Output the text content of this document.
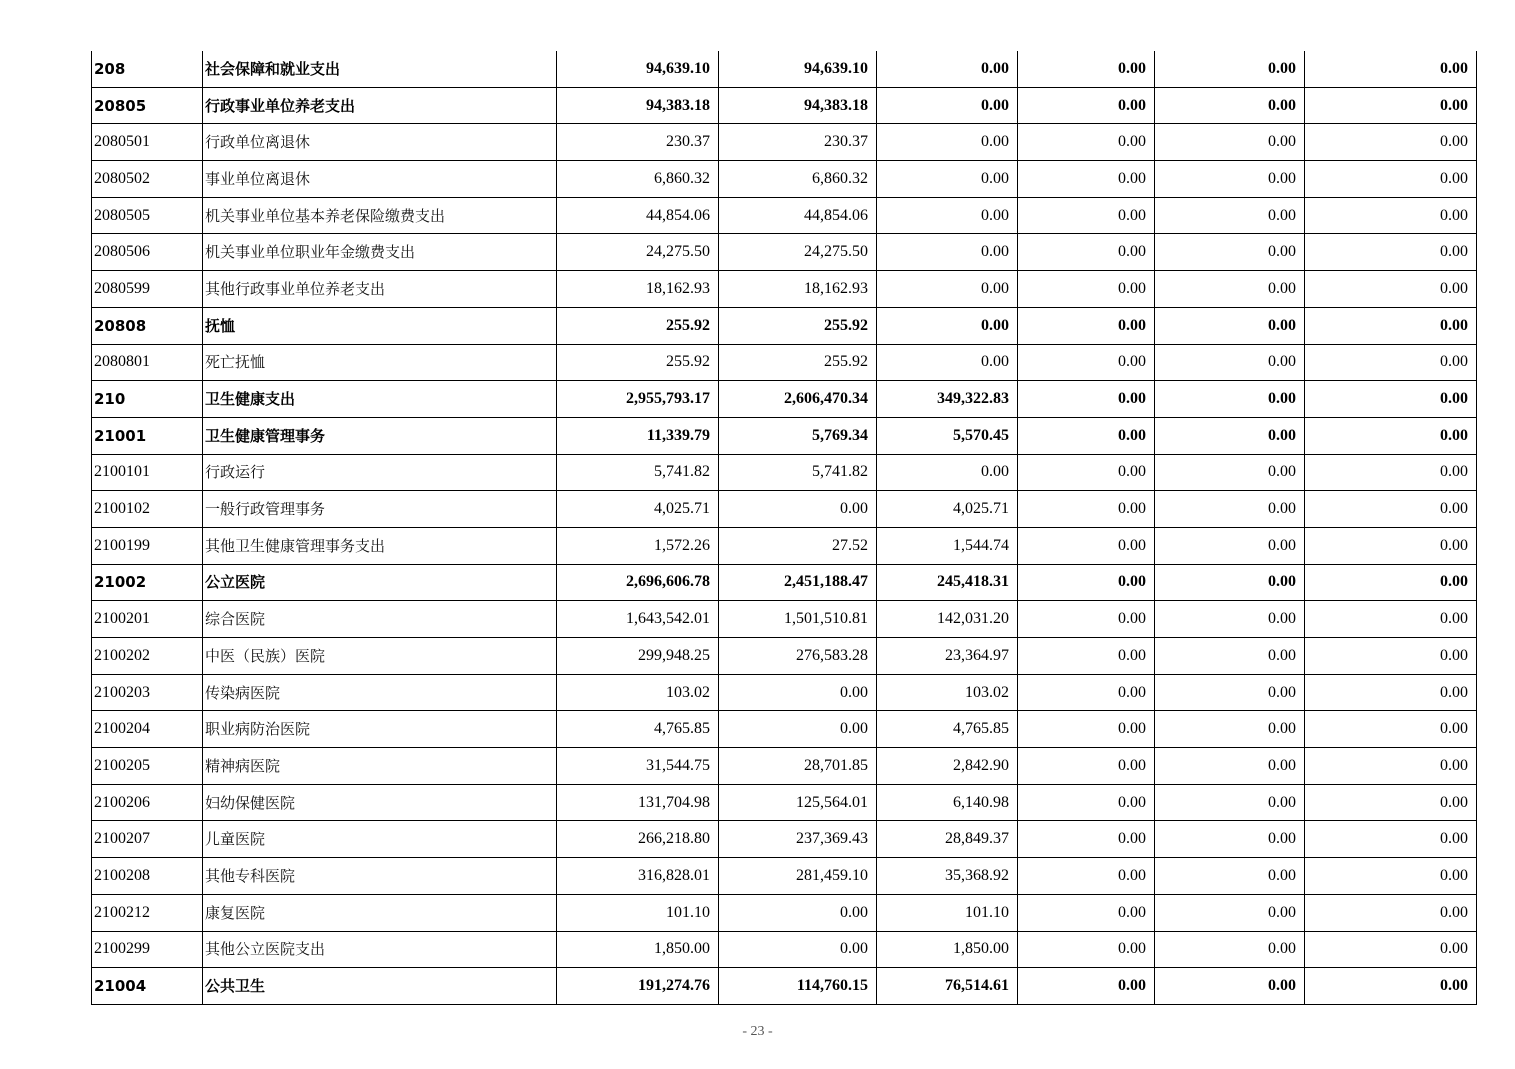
208	社会保障和就业支出	94,639.10	94,639.10	0.00	0.00	0.00	0.00
20805	行政事业单位养老支出	94,383.18	94,383.18	0.00	0.00	0.00	0.00
2080501	行政单位离退休	230.37	230.37	0.00	0.00	0.00	0.00
2080502	事业单位离退休	6,860.32	6,860.32	0.00	0.00	0.00	0.00
2080505	机关事业单位基本养老保险缴费支出	44,854.06	44,854.06	0.00	0.00	0.00	0.00
2080506	机关事业单位职业年金缴费支出	24,275.50	24,275.50	0.00	0.00	0.00	0.00
2080599	其他行政事业单位养老支出	18,162.93	18,162.93	0.00	0.00	0.00	0.00
20808	抚恤	255.92	255.92	0.00	0.00	0.00	0.00
2080801	死亡抚恤	255.92	255.92	0.00	0.00	0.00	0.00
210	卫生健康支出	2,955,793.17	2,606,470.34	349,322.83	0.00	0.00	0.00
21001	卫生健康管理事务	11,339.79	5,769.34	5,570.45	0.00	0.00	0.00
2100101	行政运行	5,741.82	5,741.82	0.00	0.00	0.00	0.00
2100102	一般行政管理事务	4,025.71	0.00	4,025.71	0.00	0.00	0.00
2100199	其他卫生健康管理事务支出	1,572.26	27.52	1,544.74	0.00	0.00	0.00
21002	公立医院	2,696,606.78	2,451,188.47	245,418.31	0.00	0.00	0.00
2100201	综合医院	1,643,542.01	1,501,510.81	142,031.20	0.00	0.00	0.00
2100202	中医（民族）医院	299,948.25	276,583.28	23,364.97	0.00	0.00	0.00
2100203	传染病医院	103.02	0.00	103.02	0.00	0.00	0.00
2100204	职业病防治医院	4,765.85	0.00	4,765.85	0.00	0.00	0.00
2100205	精神病医院	31,544.75	28,701.85	2,842.90	0.00	0.00	0.00
2100206	妇幼保健医院	131,704.98	125,564.01	6,140.98	0.00	0.00	0.00
2100207	儿童医院	266,218.80	237,369.43	28,849.37	0.00	0.00	0.00
2100208	其他专科医院	316,828.01	281,459.10	35,368.92	0.00	0.00	0.00
2100212	康复医院	101.10	0.00	101.10	0.00	0.00	0.00
2100299	其他公立医院支出	1,850.00	0.00	1,850.00	0.00	0.00	0.00
21004	公共卫生	191,274.76	114,760.15	76,514.61	0.00	0.00	0.00
- 23 -
